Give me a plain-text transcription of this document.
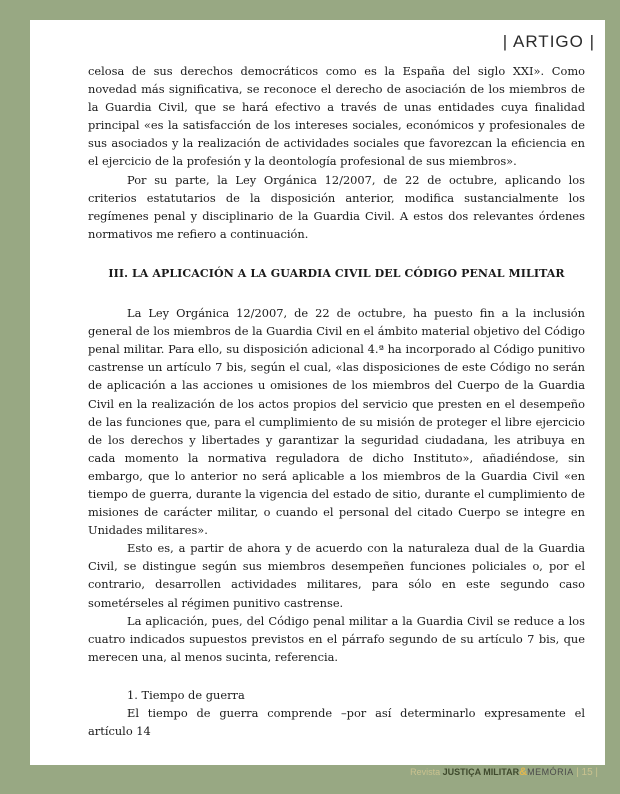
| ARTIGO |

celosa de sus derechos democráticos como es la España del siglo XXI». Como novedad más significativa, se reconoce el derecho de asociación de los miembros de la Guardia Civil, que se hará efectivo a través de unas entidades cuya finalidad principal «es la satisfacción de los intereses sociales, económicos y profesionales de sus asociados y la realización de actividades sociales que favorezcan la eficiencia en el ejercicio de la profesión y la deontología profesional de sus miembros».

Por su parte, la Ley Orgánica 12/2007, de 22 de octubre, aplicando los criterios estatutarios de la disposición anterior, modifica sustancialmente los regímenes penal y disciplinario de la Guardia Civil. A estos dos relevantes órdenes normativos me refiero a continuación.

III. LA APLICACIÓN A LA GUARDIA CIVIL DEL CÓDIGO PENAL MILITAR

La Ley Orgánica 12/2007, de 22 de octubre, ha puesto fin a la inclusión general de los miembros de la Guardia Civil en el ámbito material objetivo del Código penal militar. Para ello, su disposición adicional 4.ª ha incorporado al Código punitivo castrense un artículo 7 bis, según el cual, «las disposiciones de este Código no serán de aplicación a las acciones u omisiones de los miembros del Cuerpo de la Guardia Civil en la realización de los actos propios del servicio que presten en el desempeño de las funciones que, para el cumplimiento de su misión de proteger el libre ejercicio de los derechos y libertades y garantizar la seguridad ciudadana, les atribuya en cada momento la normativa reguladora de dicho Instituto», añadiéndose, sin embargo, que lo anterior no será aplicable a los miembros de la Guardia Civil «en tiempo de guerra, durante la vigencia del estado de sitio, durante el cumplimiento de misiones de carácter militar, o cuando el personal del citado Cuerpo se integre en Unidades militares».

Esto es, a partir de ahora y de acuerdo con la naturaleza dual de la Guardia Civil, se distingue según sus miembros desempeñen funciones policiales o, por el contrario, desarrollen actividades militares, para sólo en este segundo caso sometérseles al régimen punitivo castrense.

La aplicación, pues, del Código penal militar a la Guardia Civil se reduce a los cuatro indicados supuestos previstos en el párrafo segundo de su artículo 7 bis, que merecen una, al menos sucinta, referencia.

1. Tiempo de guerra

El tiempo de guerra comprende –por así determinarlo expresamente el artículo 14

Revista JUSTIÇA MILITAR&MEMÓRIA | 15 |
